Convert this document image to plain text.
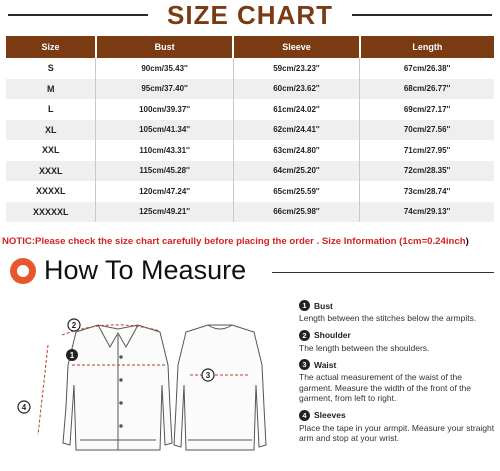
SIZE CHART
Size	Bust	Sleeve	Length
S	90cm/35.43''	59cm/23.23''	67cm/26.38''
M	95cm/37.40''	60cm/23.62''	68cm/26.77''
L	100cm/39.37''	61cm/24.02''	69cm/27.17''
XL	105cm/41.34''	62cm/24.41''	70cm/27.56''
XXL	110cm/43.31''	63cm/24.80''	71cm/27.95''
XXXL	115cm/45.28''	64cm/25.20''	72cm/28.35''
XXXXL	120cm/47.24''	65cm/25.59''	73cm/28.74''
XXXXXL	125cm/49.21''	66cm/25.98''	74cm/29.13''
NOTIC:Please check the size chart carefully before placing the order . Size Information (1cm=0.24inch)
How To Measure
1
2
3
4
1 Bust
Length between the stitches below the armpits.
2 Shoulder
The length between the shoulders.
3 Waist
The actual measurement of the waist of the garment. Measure the width of the front of the garment, from left to right.
4 Sleeves
Place the tape in your armpit. Measure your straight arm and stop at your wrist.
